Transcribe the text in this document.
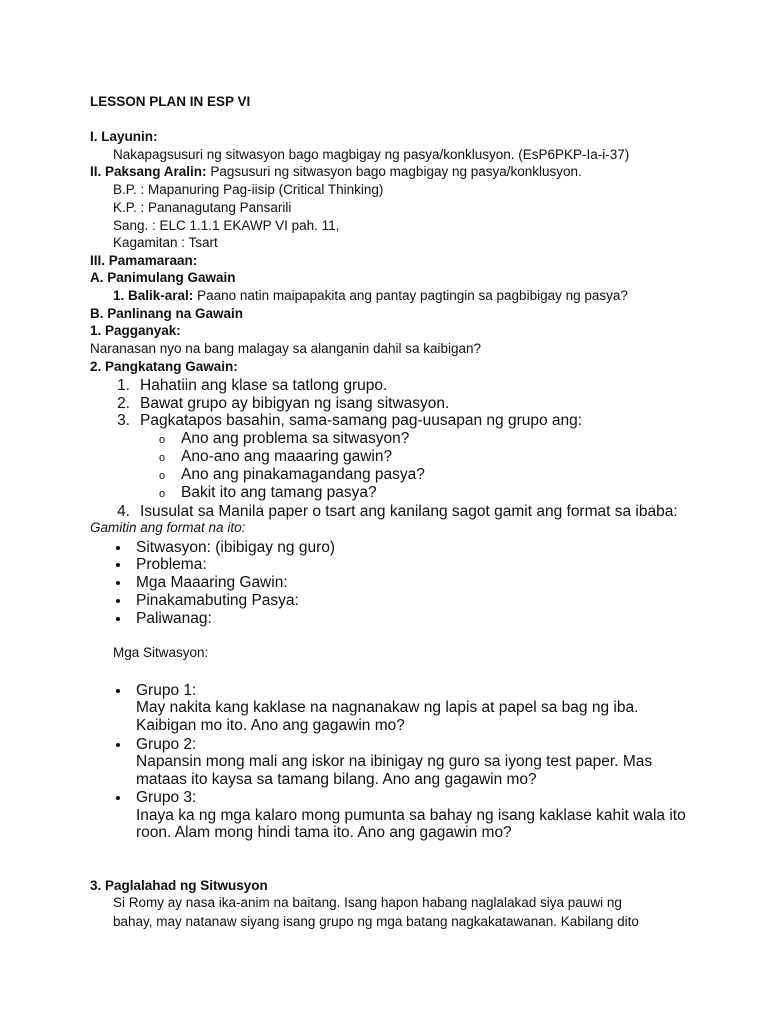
LESSON PLAN IN ESP VI
I. Layunin:
Nakapagsusuri ng sitwasyon bago magbigay ng pasya/konklusyon. (EsP6PKP-Ia-i-37)
II. Paksang Aralin: Pagsusuri ng sitwasyon bago magbigay ng pasya/konklusyon.
B.P. : Mapanuring Pag-iisip (Critical Thinking)
K.P. : Pananagutang Pansarili
Sang. : ELC 1.1.1 EKAWP VI pah. 11,
Kagamitan : Tsart
III. Pamamaraan:
A. Panimulang Gawain
1. Balik-aral: Paano natin maipapakita ang pantay pagtingin sa pagbibigay ng pasya?
B. Panlinang na Gawain
1. Pagganyak:
Naranasan nyo na bang malagay sa alanganin dahil sa kaibigan?
2. Pangkatang Gawain:
1. Hahatiin ang klase sa tatlong grupo.
2. Bawat grupo ay bibigyan ng isang sitwasyon.
3. Pagkatapos basahin, sama-samang pag-uusapan ng grupo ang:
o Ano ang problema sa sitwasyon?
o Ano-ano ang maaaring gawin?
o Ano ang pinakamagandang pasya?
o Bakit ito ang tamang pasya?
4. Isusulat sa Manila paper o tsart ang kanilang sagot gamit ang format sa ibaba:
Gamitin ang format na ito:
Sitwasyon: (ibibigay ng guro)
Problema:
Mga Maaaring Gawin:
Pinakamabuting Pasya:
Paliwanag:
Mga Sitwasyon:
Grupo 1:
May nakita kang kaklase na nagnanakaw ng lapis at papel sa bag ng iba.
Kaibigan mo ito. Ano ang gagawin mo?
Grupo 2:
Napansin mong mali ang iskor na ibinigay ng guro sa iyong test paper. Mas
mataas ito kaysa sa tamang bilang. Ano ang gagawin mo?
Grupo 3:
Inaya ka ng mga kalaro mong pumunta sa bahay ng isang kaklase kahit wala ito
roon. Alam mong hindi tama ito. Ano ang gagawin mo?
3. Paglalahad ng Sitwusyon
Si Romy ay nasa ika-anim na baitang. Isang hapon habang naglalakad siya pauwi ng
bahay, may natanaw siyang isang grupo ng mga batang nagkakatawanan. Kabilang dito
